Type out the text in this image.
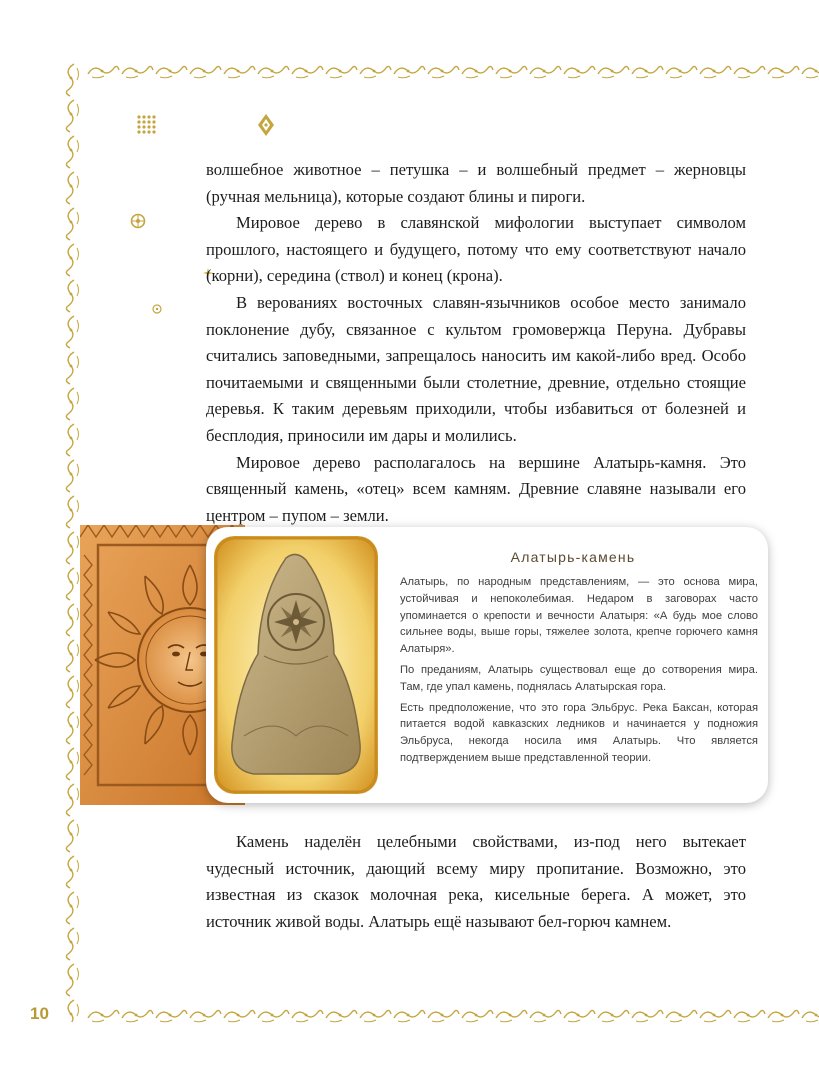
10

волшебное животное – петушка – и волшебный предмет – жерновцы (ручная мельница), которые создают блины и пироги.

Мировое дерево в славянской мифологии выступает символом прошлого, настоящего и будущего, потому что ему соответствуют начало (корни), середина (ствол) и конец (крона).

В верованиях восточных славян-язычников особое место занимало поклонение дубу, связанное с культом громовержца Перуна. Дубравы считались заповедными, запрещалось наносить им какой-либо вред. Особо почитаемыми и священными были столетние, древние, отдельно стоящие деревья. К таким деревьям приходили, чтобы избавиться от болезней и бесплодия, приносили им дары и молились.

Мировое дерево располагалось на вершине Алатырь-камня. Это священный камень, «отец» всем камням. Древние славяне называли его центром – пупом – земли.

Алатырь-камень

Алатырь, по народным представлениям, — это основа мира, устойчивая и непоколебимая. Недаром в заговорах часто упоминается о крепости и вечности Алатыря: «А будь мое слово сильнее воды, выше горы, тяжелее золота, крепче горючего камня Алатыря».

По преданиям, Алатырь существовал еще до сотворения мира. Там, где упал камень, поднялась Алатырская гора.

Есть предположение, что это гора Эльбрус. Река Баксан, которая питается водой кавказских ледников и начинается у подножия Эльбруса, некогда носила имя Алатырь. Что является подтверждением выше представленной теории.

Камень наделён целебными свойствами, из-под него вытекает чудесный источник, дающий всему миру пропитание. Возможно, это известная из сказок молочная река, кисельные берега. А может, это источник живой воды. Алатырь ещё называют бел-горюч камнем.
